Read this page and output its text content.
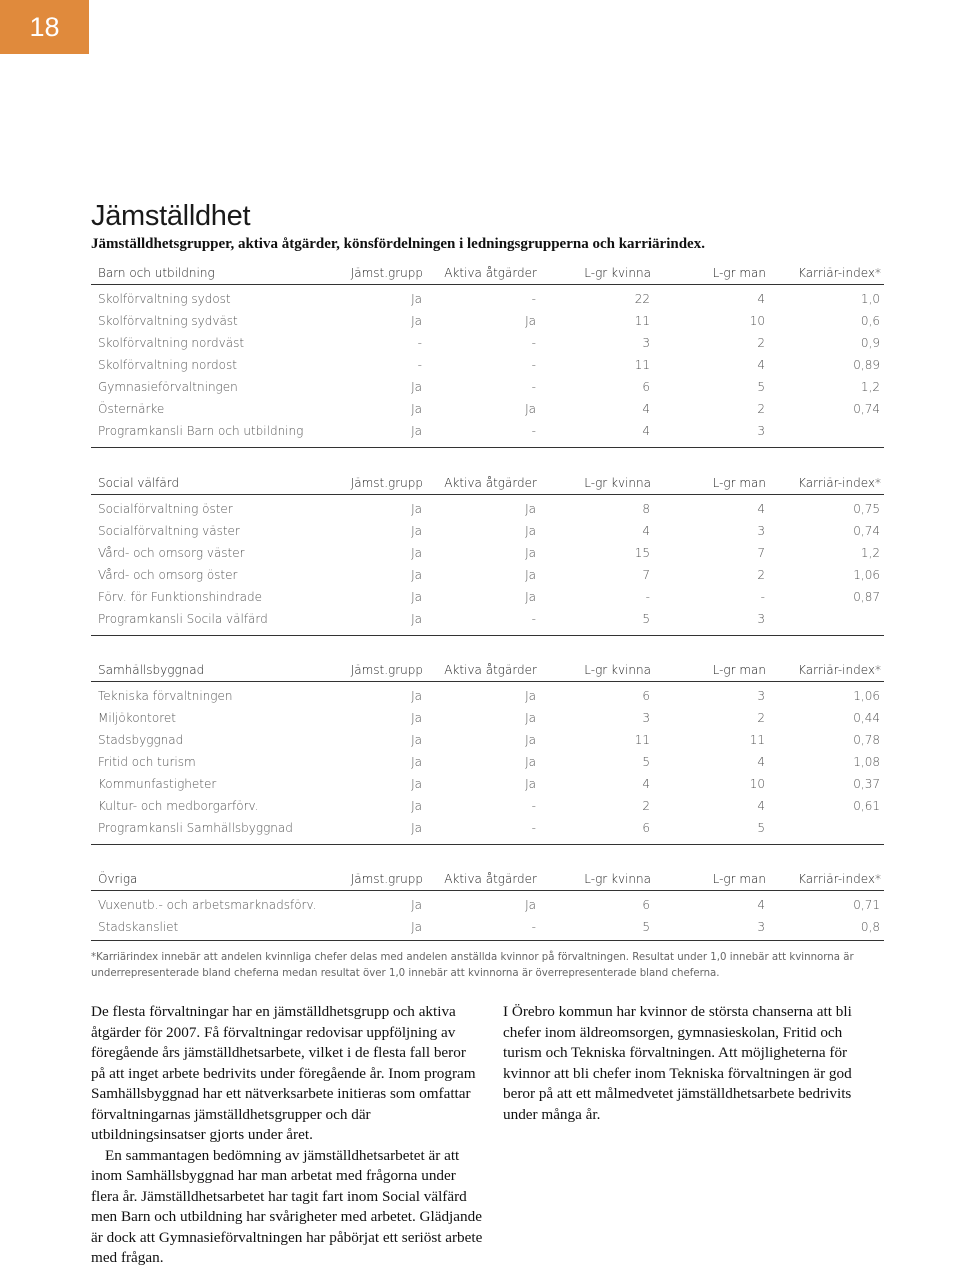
18
Jämställdhet
Jämställdhetsgrupper, aktiva åtgärder, könsfördelningen i ledningsgrupperna och karriärindex.
Barn och utbildning	Jämst.grupp Aktiva åtgärder	L-gr kvinna	L-gr man	Karriär-index*
Skolförvaltning sydost	Ja	-	22	4	1,0
Skolförvaltning sydväst	Ja	Ja	11	10	0,6
Skolförvaltning nordväst	-	-	3	2	0,9
Skolförvaltning nordost	-	-	11	4	0,89
Gymnasieförvaltningen	Ja	-	6	5	1,2
Östernärke	Ja	Ja	4	2	0,74
Programkansli Barn och utbildning	Ja	-	4	3
Social välfärd	Jämst.grupp Aktiva åtgärder	L-gr kvinna	L-gr man	Karriär-index*
Socialförvaltning öster	Ja	Ja	8	4	0,75
Socialförvaltning väster	Ja	Ja	4	3	0,74
Vård- och omsorg väster	Ja	Ja	15	7	1,2
Vård- och omsorg öster	Ja	Ja	7	2	1,06
Förv. för Funktionshindrade	Ja	Ja	-	-	0,87
Programkansli Socila välfärd	Ja	-	5	3
Samhällsbyggnad	Jämst.grupp Aktiva åtgärder	L-gr kvinna	L-gr man	Karriär-index*
Tekniska förvaltningen	Ja	Ja	6	3	1,06
Miljökontoret	Ja	Ja	3	2	0,44
Stadsbyggnad	Ja	Ja	11	11	0,78
Fritid och turism	Ja	Ja	5	4	1,08
Kommunfastigheter	Ja	Ja	4	10	0,37
Kultur- och medborgarförv.	Ja	-	2	4	0,61
Programkansli Samhällsbyggnad	Ja	-	6	5
Övriga	Jämst.grupp Aktiva åtgärder	L-gr kvinna	L-gr man	Karriär-index*
Vuxenutb.- och arbetsmarknadsförv.	Ja	Ja	6	4	0,71
Stadskansliet	Ja	-	5	3	0,8
*Karriärindex innebär att andelen kvinnliga chefer delas med andelen anställda kvinnor på förvaltningen. Resultat under 1,0 innebär att kvinnorna är underrepresenterade bland cheferna medan resultat över 1,0 innebär att kvinnorna är överrepresenterade bland cheferna.

De flesta förvaltningar har en jämställdhetsgrupp och aktiva åtgärder för 2007. Få förvaltningar redovisar uppföljning av föregående års jämställdhetsarbete, vilket i de flesta fall beror på att inget arbete bedrivits under föregående år. Inom program Samhällsbyggnad har ett nätverksarbete initieras som omfattar förvaltningarnas jämställdhetsgrupper och där utbildningsinsatser gjorts under året.

En sammantagen bedömning av jämställdhetsarbetet är att inom Samhällsbyggnad har man arbetat med frågorna under flera år. Jämställdhetsarbetet har tagit fart inom Social välfärd men Barn och utbildning har svårigheter med arbetet. Glädjande är dock att Gymnasieförvaltningen har påbörjat ett seriöst arbete med frågan.

I Örebro kommun har kvinnor de största chanserna att bli chefer inom äldreomsorgen, gymnasieskolan, Fritid och turism och Tekniska förvaltningen. Att möjligheterna för kvinnor att bli chefer inom Tekniska förvaltningen är god beror på att ett målmedvetet jämställdhetsarbete bedrivits under många år.
